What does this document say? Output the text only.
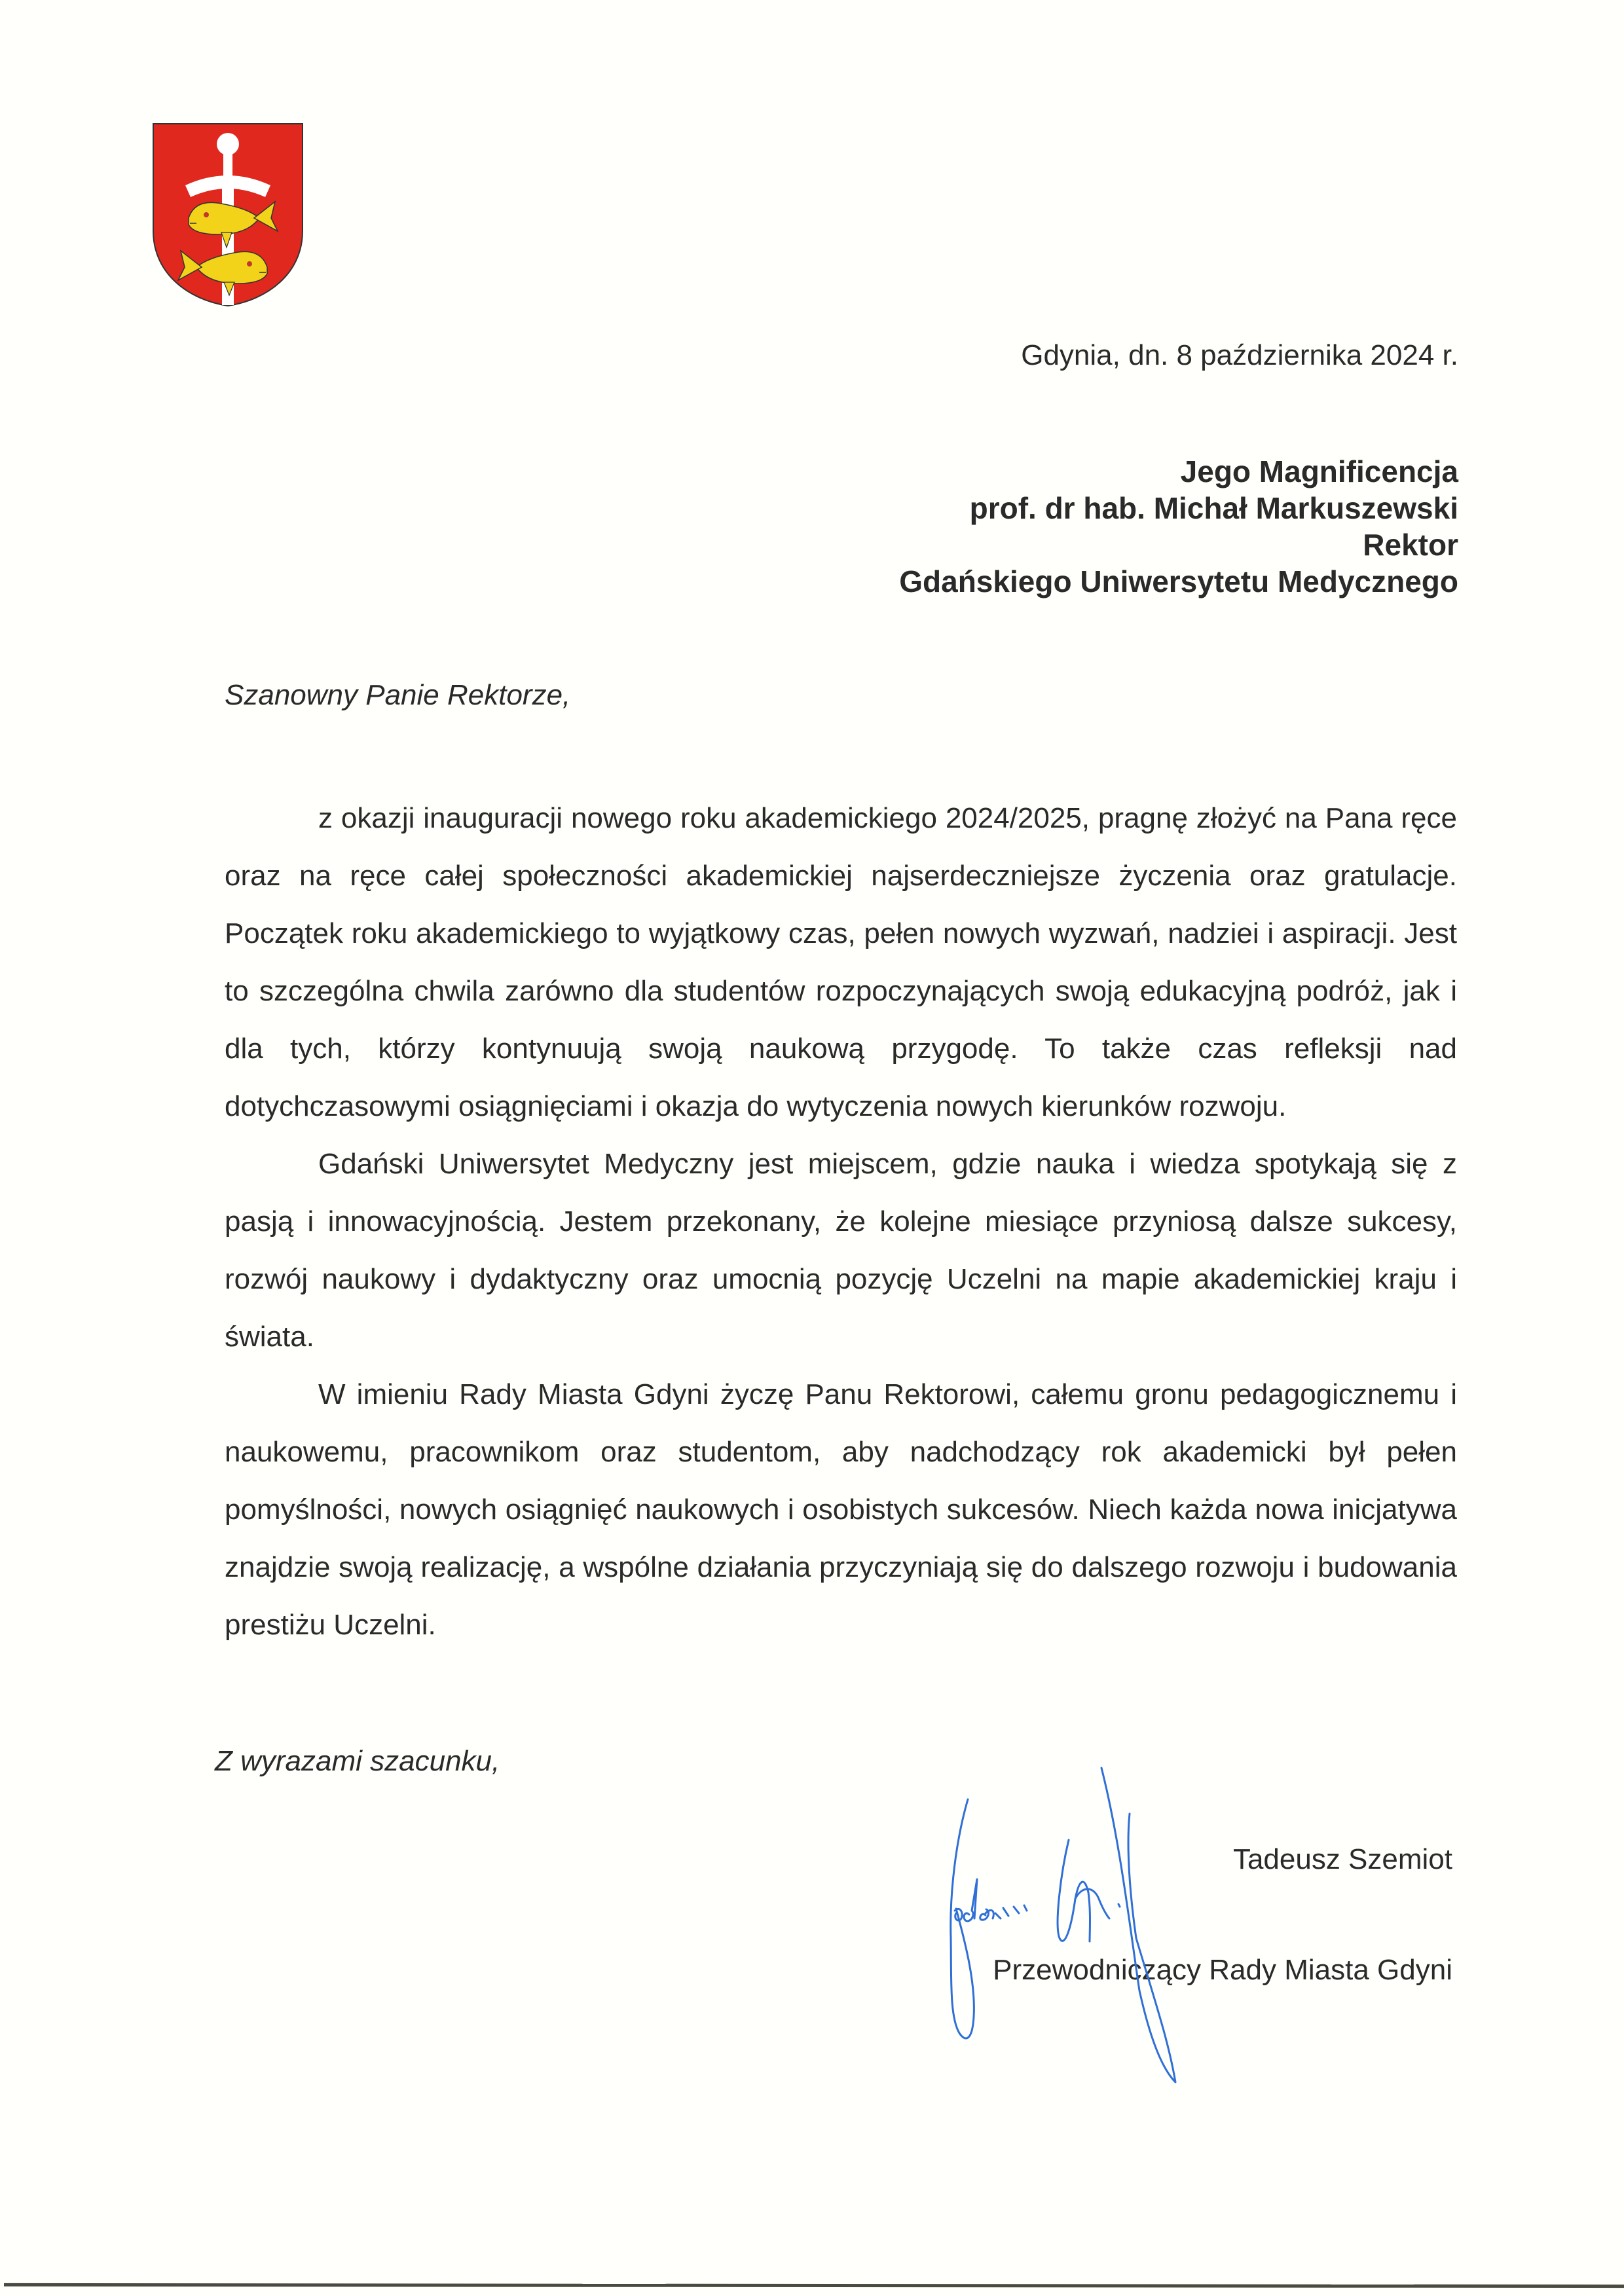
Gdynia, dn. 8 października 2024 r.
Jego Magnificencja
prof. dr hab. Michał Markuszewski
Rektor
Gdańskiego Uniwersytetu Medycznego
Szanowny Panie Rektorze,

z okazji inauguracji nowego roku akademickiego 2024/2025, pragnę złożyć na Pana ręce oraz na ręce całej społeczności akademickiej najserdeczniejsze życzenia oraz gratulacje. Początek roku akademickiego to wyjątkowy czas, pełen nowych wyzwań, nadziei i aspiracji. Jest to szczególna chwila zarówno dla studentów rozpoczynających swoją edukacyjną podróż, jak i dla tych, którzy kontynuują swoją naukową przygodę. To także czas refleksji nad dotychczasowymi osiągnięciami i okazja do wytyczenia nowych kierunków rozwoju.

Gdański Uniwersytet Medyczny jest miejscem, gdzie nauka i wiedza spotykają się z pasją i innowacyjnością. Jestem przekonany, że kolejne miesiące przyniosą dalsze sukcesy, rozwój naukowy i dydaktyczny oraz umocnią pozycję Uczelni na mapie akademickiej kraju i świata.

W imieniu Rady Miasta Gdyni życzę Panu Rektorowi, całemu gronu pedagogicznemu i naukowemu, pracownikom oraz studentom, aby nadchodzący rok akademicki był pełen pomyślności, nowych osiągnięć naukowych i osobistych sukcesów. Niech każda nowa inicjatywa znajdzie swoją realizację, a wspólne działania przyczyniają się do dalszego rozwoju i budowania prestiżu Uczelni.

Z wyrazami szacunku,
Tadeusz Szemiot
Przewodniczący Rady Miasta Gdyni
